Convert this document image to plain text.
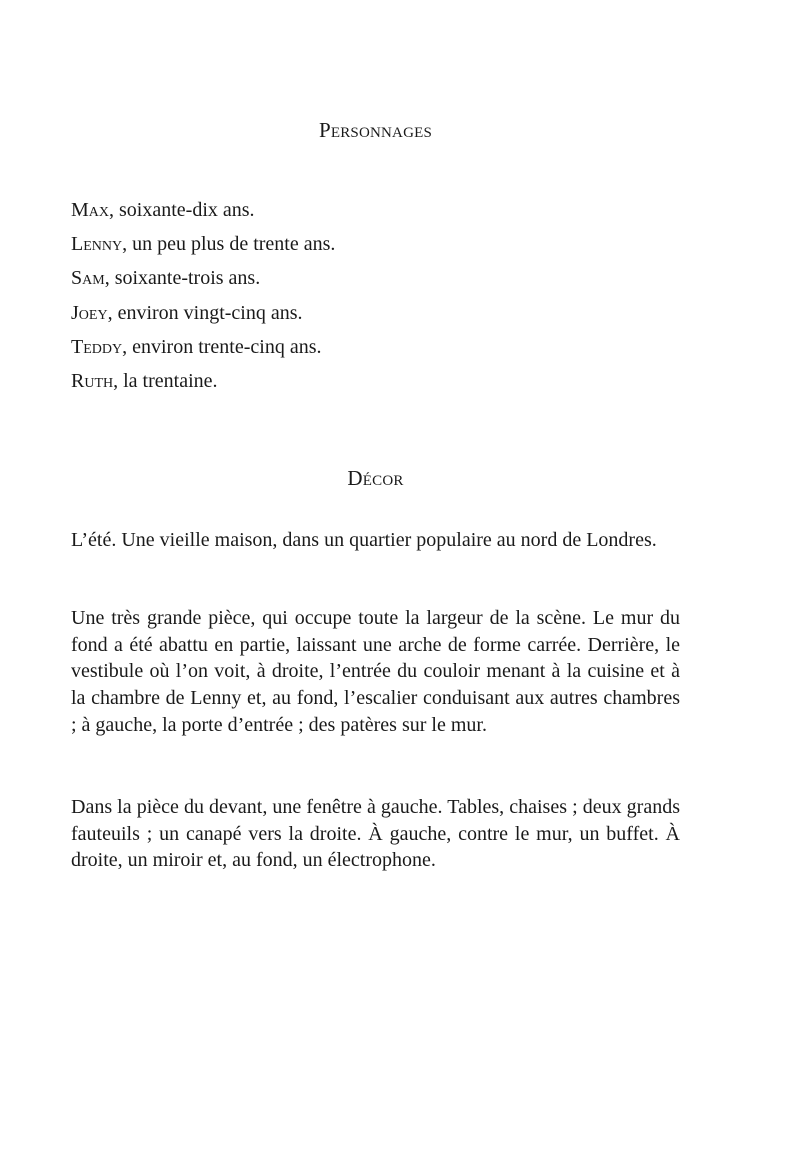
Personnages
Max, soixante-dix ans.
Lenny, un peu plus de trente ans.
Sam, soixante-trois ans.
Joey, environ vingt-cinq ans.
Teddy, environ trente-cinq ans.
Ruth, la trentaine.
Décor

L’été. Une vieille maison, dans un quartier populaire au nord de Londres.

Une très grande pièce, qui occupe toute la largeur de la scène. Le mur du fond a été abattu en partie, laissant une arche de forme carrée. Derrière, le vestibule où l’on voit, à droite, l’entrée du couloir menant à la cuisine et à la chambre de Lenny et, au fond, l’escalier conduisant aux autres chambres ; à gauche, la porte d’entrée ; des patères sur le mur.

Dans la pièce du devant, une fenêtre à gauche. Tables, chaises ; deux grands fauteuils ; un canapé vers la droite. À gauche, contre le mur, un buffet. À droite, un miroir et, au fond, un électrophone.
